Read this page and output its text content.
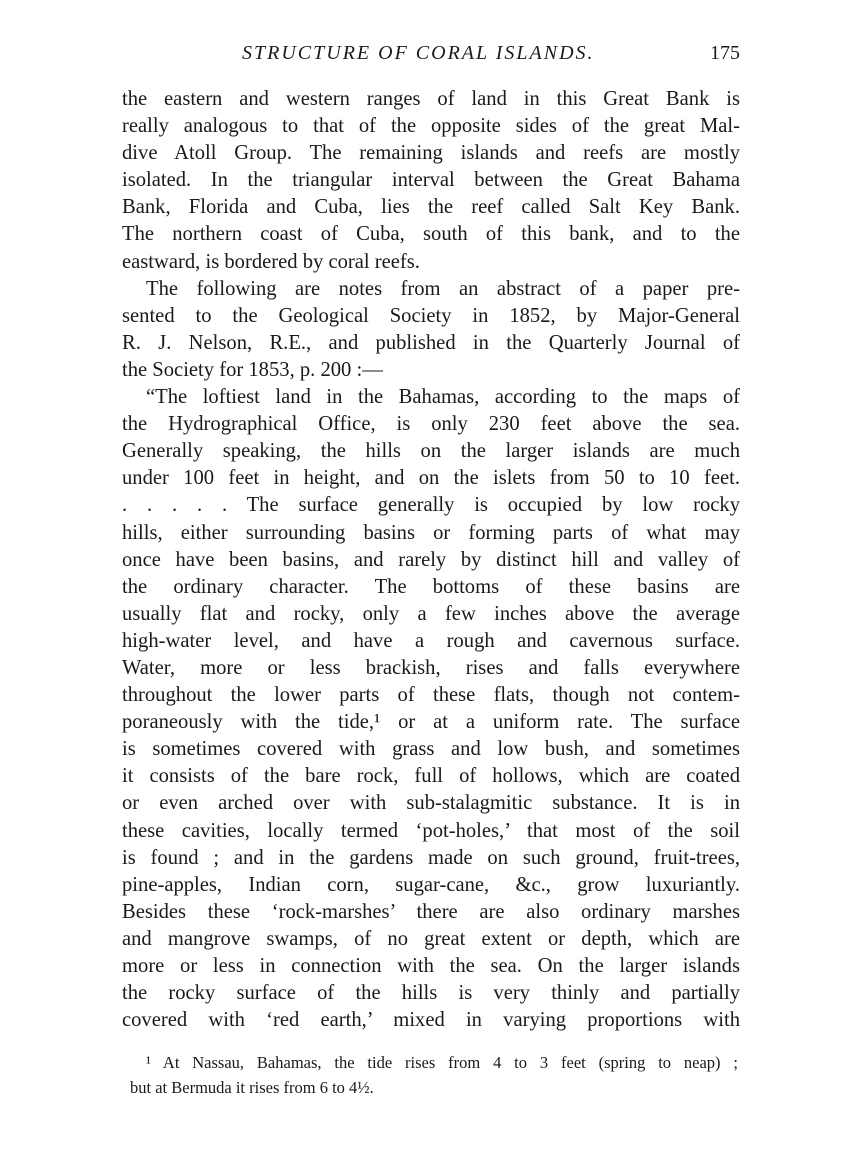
STRUCTURE OF CORAL ISLANDS.	175
the eastern and western ranges of land in this Great Bank is
really analogous to that of the opposite sides of the great Mal-
dive Atoll Group. The remaining islands and reefs are mostly
isolated. In the triangular interval between the Great Bahama
Bank, Florida and Cuba, lies the reef called Salt Key Bank.
The northern coast of Cuba, south of this bank, and to the
eastward, is bordered by coral reefs.
The following are notes from an abstract of a paper pre-
sented to the Geological Society in 1852, by Major-General
R. J. Nelson, R.E., and published in the Quarterly Journal of
the Society for 1853, p. 200 :—
“The loftiest land in the Bahamas, according to the maps of
the Hydrographical Office, is only 230 feet above the sea.
Generally speaking, the hills on the larger islands are much
under 100 feet in height, and on the islets from 50 to 10 feet.
. . . . . The surface generally is occupied by low rocky
hills, either surrounding basins or forming parts of what may
once have been basins, and rarely by distinct hill and valley of
the ordinary character. The bottoms of these basins are
usually flat and rocky, only a few inches above the average
high-water level, and have a rough and cavernous surface.
Water, more or less brackish, rises and falls everywhere
throughout the lower parts of these flats, though not contem-
poraneously with the tide,¹ or at a uniform rate. The surface
is sometimes covered with grass and low bush, and sometimes
it consists of the bare rock, full of hollows, which are coated
or even arched over with sub-stalagmitic substance. It is in
these cavities, locally termed ‘pot-holes,’ that most of the soil
is found ; and in the gardens made on such ground, fruit-trees,
pine-apples, Indian corn, sugar-cane, &c., grow luxuriantly.
Besides these ‘rock-marshes’ there are also ordinary marshes
and mangrove swamps, of no great extent or depth, which are
more or less in connection with the sea. On the larger islands
the rocky surface of the hills is very thinly and partially
covered with ‘red earth,’ mixed in varying proportions with
¹ At Nassau, Bahamas, the tide rises from 4 to 3 feet (spring to neap) ;
but at Bermuda it rises from 6 to 4½.
